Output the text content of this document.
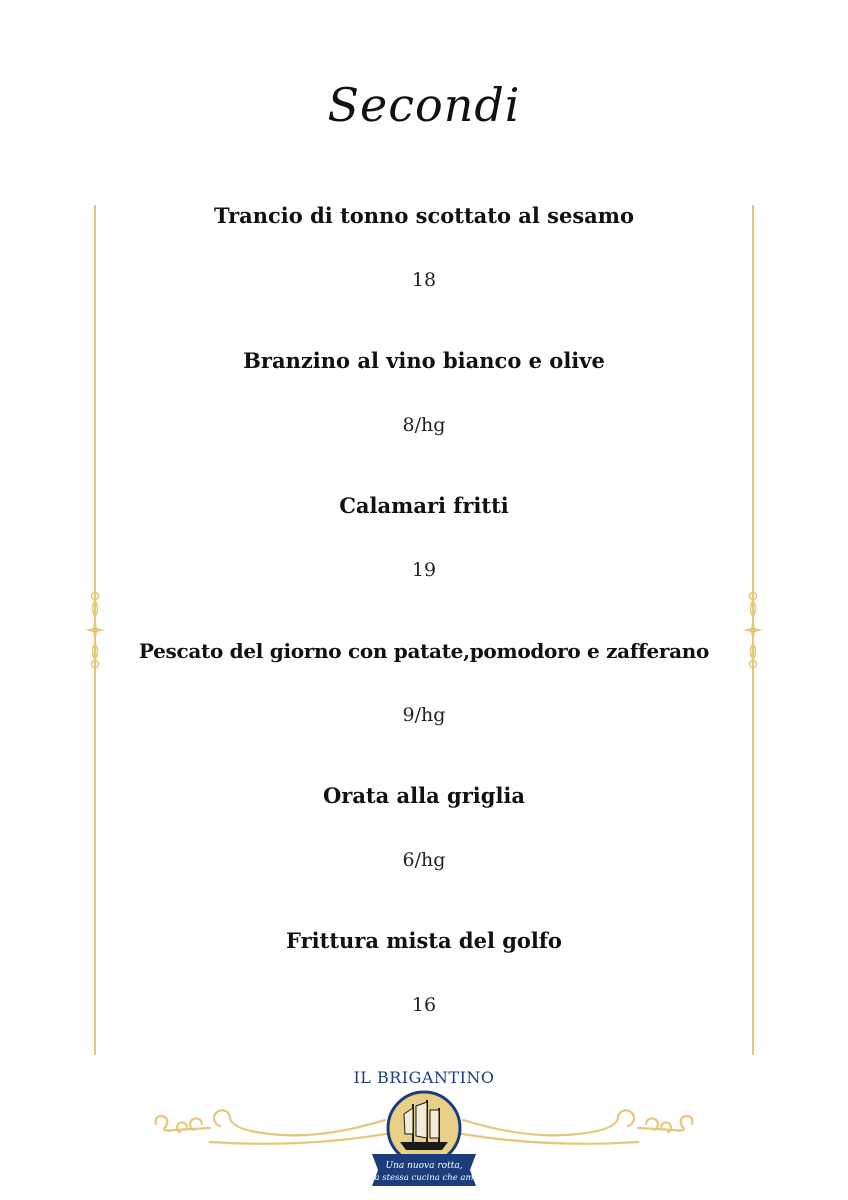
Secondi
Trancio di tonno scottato al sesamo
18
Branzino al vino bianco e olive
8/hg
Calamari fritti
19
Pescato del giorno con patate,pomodoro e zafferano
9/hg
Orata alla griglia
6/hg
Frittura mista del golfo
16
IL BRIGANTINO
Una nuova rotta,
la stessa cucina che ami
